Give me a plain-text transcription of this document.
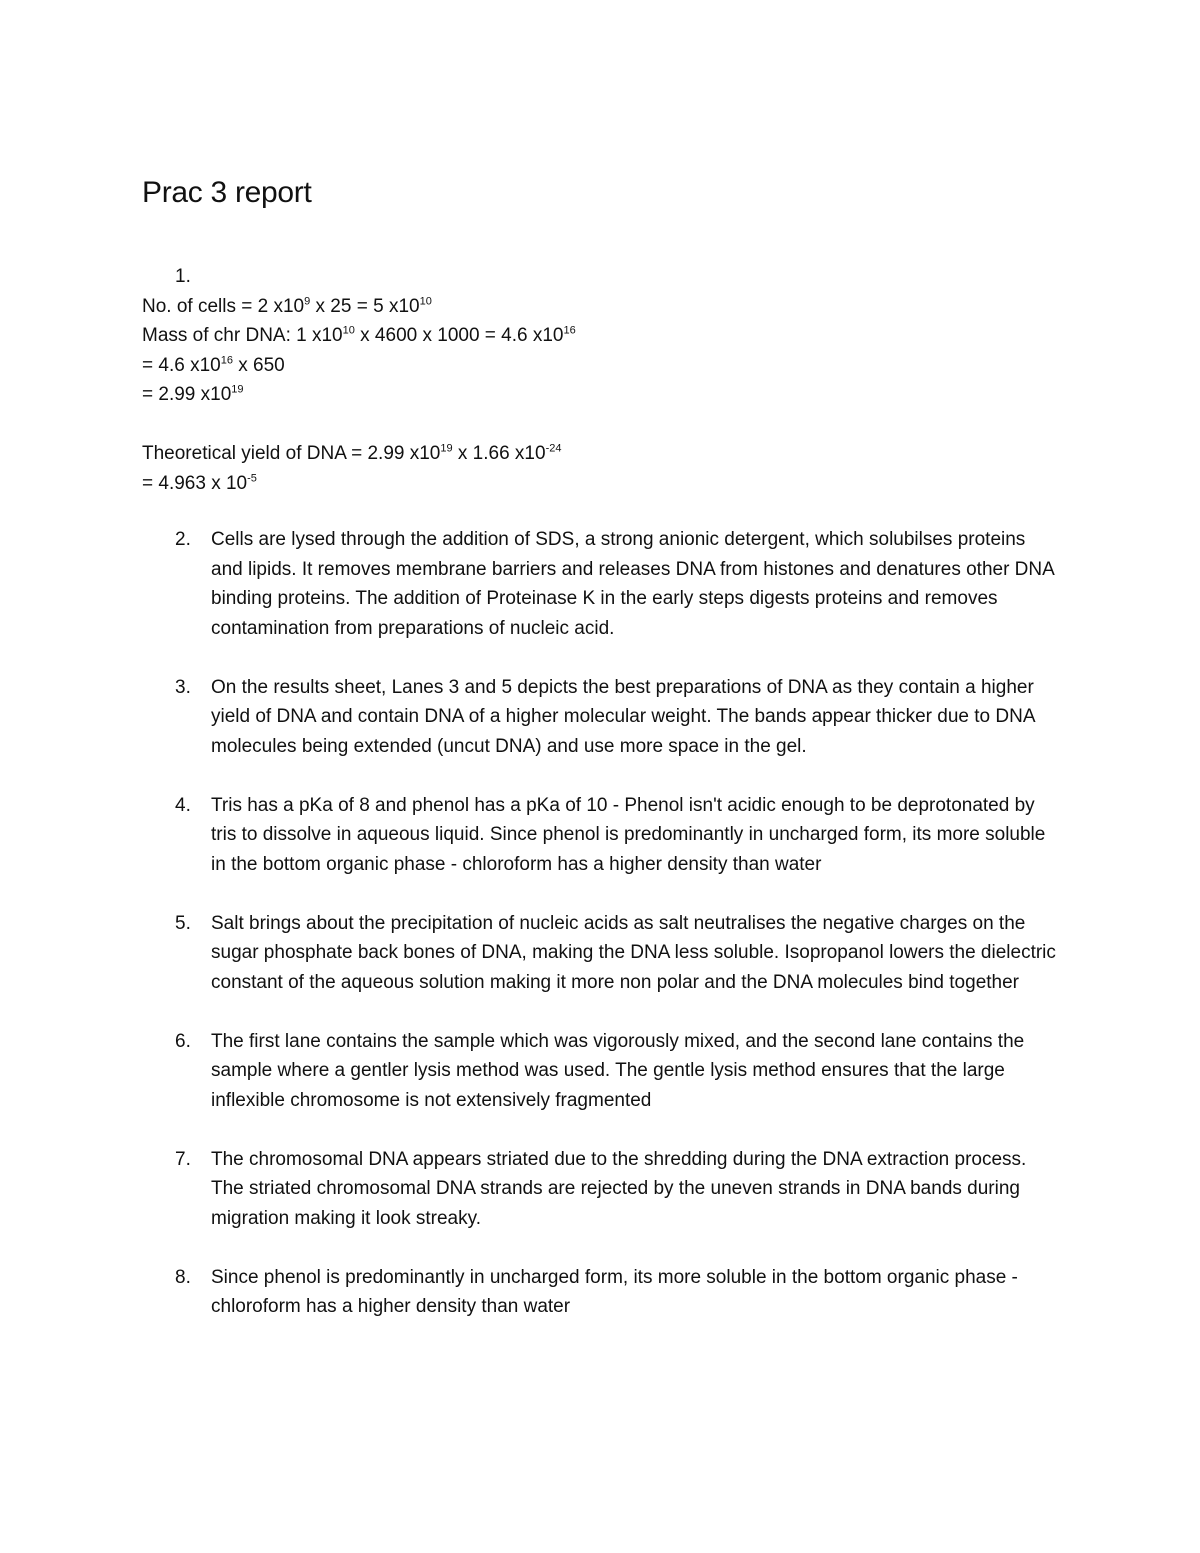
Prac 3 report
1.
No. of cells = 2 $x10^9$ x 25 = 5 $x10^{10}$
Mass of chr DNA: 1 $x10^{10}$ x 4600 x 1000 = 4.6 $x10^{16}$
= 4.6 $x10^{16}$ x 650
= 2.99 $x10^{19}$
Theoretical yield of DNA = 2.99 $x10^{19}$ x 1.66 $x10^{-24}$
= 4.963 x $10^{-5}$
2.	Cells are lysed through the addition of SDS, a strong anionic detergent, which solubilses proteins and lipids. It removes membrane barriers and releases DNA from histones and denatures other DNA binding proteins. The addition of Proteinase K in the early steps digests proteins and removes contamination from preparations of nucleic acid.
3.	On the results sheet, Lanes 3 and 5 depicts the best preparations of DNA as they contain a higher yield of DNA and contain DNA of a higher molecular weight. The bands appear thicker due to DNA molecules being extended (uncut DNA) and use more space in the gel.
4.	Tris has a pKa of 8 and phenol has a pKa of 10 - Phenol isn't acidic enough to be deprotonated by tris to dissolve in aqueous liquid. Since phenol is predominantly in uncharged form, its more soluble in the bottom organic phase - chloroform has a higher density than water
5.	Salt brings about the precipitation of nucleic acids as salt neutralises the negative charges on the sugar phosphate back bones of DNA, making the DNA less soluble. Isopropanol lowers the dielectric constant of the aqueous solution making it more non polar and the DNA molecules bind together
6.	The first lane contains the sample which was vigorously mixed, and the second lane contains the sample where a gentler lysis method was used. The gentle lysis method ensures that the large inflexible chromosome is not extensively fragmented
7.	The chromosomal DNA appears striated due to the shredding during the DNA extraction process. The striated chromosomal DNA strands are rejected by the uneven strands in DNA bands during migration making it look streaky.
8.	Since phenol is predominantly in uncharged form, its more soluble in the bottom organic phase - chloroform has a higher density than water
